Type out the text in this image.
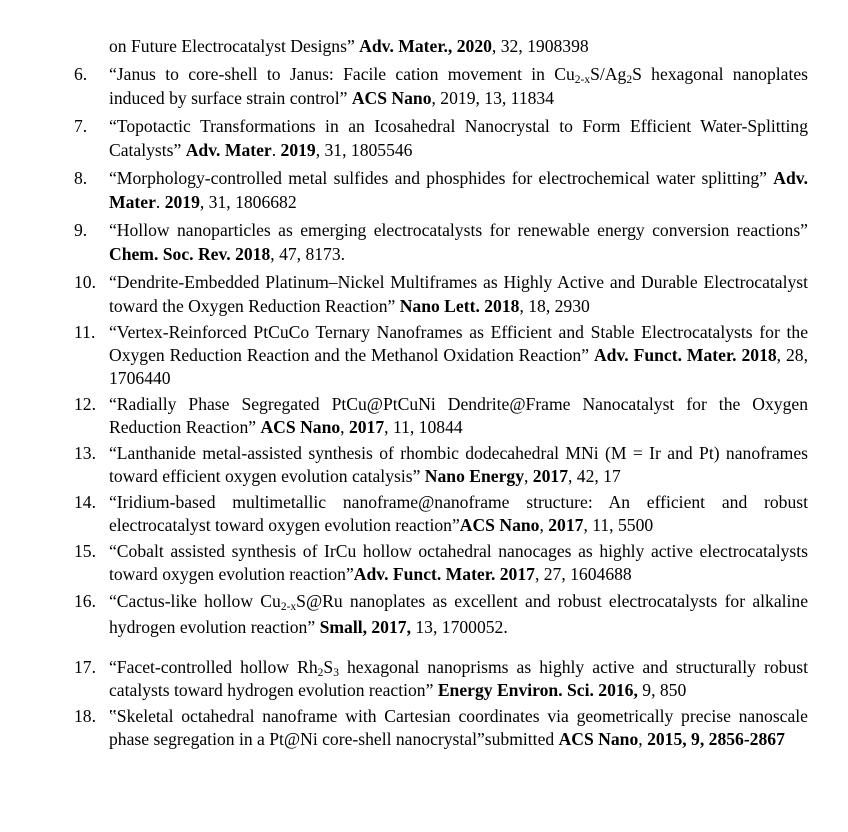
on Future Electrocatalyst Designs” Adv. Mater., 2020, 32, 1908398
6.	“Janus to core-shell to Janus: Facile cation movement in $Cu_{2-x}S/Ag_2S$ hexagonal nanoplates induced by surface strain control” ACS Nano, 2019, 13, 11834
7.	“Topotactic Transformations in an Icosahedral Nanocrystal to Form Efficient Water-Splitting Catalysts” Adv. Mater. 2019, 31, 1805546
8.	“Morphology-controlled metal sulfides and phosphides for electrochemical water splitting” Adv. Mater. 2019, 31, 1806682
9.	“Hollow nanoparticles as emerging electrocatalysts for renewable energy conversion reactions” Chem. Soc. Rev. 2018, 47, 8173.
10. “Dendrite-Embedded Platinum–Nickel Multiframes as Highly Active and Durable Electrocatalyst toward the Oxygen Reduction Reaction” Nano Lett. 2018, 18, 2930
11. “Vertex-Reinforced PtCuCo Ternary Nanoframes as Efficient and Stable Electrocatalysts for the Oxygen Reduction Reaction and the Methanol Oxidation Reaction” Adv. Funct. Mater. 2018, 28, 1706440
12. “Radially Phase Segregated PtCu@PtCuNi Dendrite@Frame Nanocatalyst for the Oxygen Reduction Reaction” ACS Nano, 2017, 11, 10844
13. “Lanthanide metal-assisted synthesis of rhombic dodecahedral MNi (M = Ir and Pt) nanoframes toward efficient oxygen evolution catalysis” Nano Energy, 2017, 42, 17
14. “Iridium-based multimetallic nanoframe@nanoframe structure: An efficient and robust electrocatalyst toward oxygen evolution reaction”ACS Nano, 2017, 11, 5500
15. “Cobalt assisted synthesis of IrCu hollow octahedral nanocages as highly active electrocatalysts toward oxygen evolution reaction”Adv. Funct. Mater. 2017, 27, 1604688
16. “Cactus-like hollow $Cu_{2-x}S@Ru$ nanoplates as excellent and robust electrocatalysts for alkaline hydrogen evolution reaction” Small, 2017, 13, 1700052.
17. “Facet-controlled hollow $Rh_2S_3$ hexagonal nanoprisms as highly active and structurally robust catalysts toward hydrogen evolution reaction” Energy Environ. Sci. 2016, 9, 850
18. ‟Skeletal octahedral nanoframe with Cartesian coordinates via geometrically precise nanoscale phase segregation in a Pt@Ni core-shell nanocrystal”submitted ACS Nano, 2015, 9, 2856-2867
